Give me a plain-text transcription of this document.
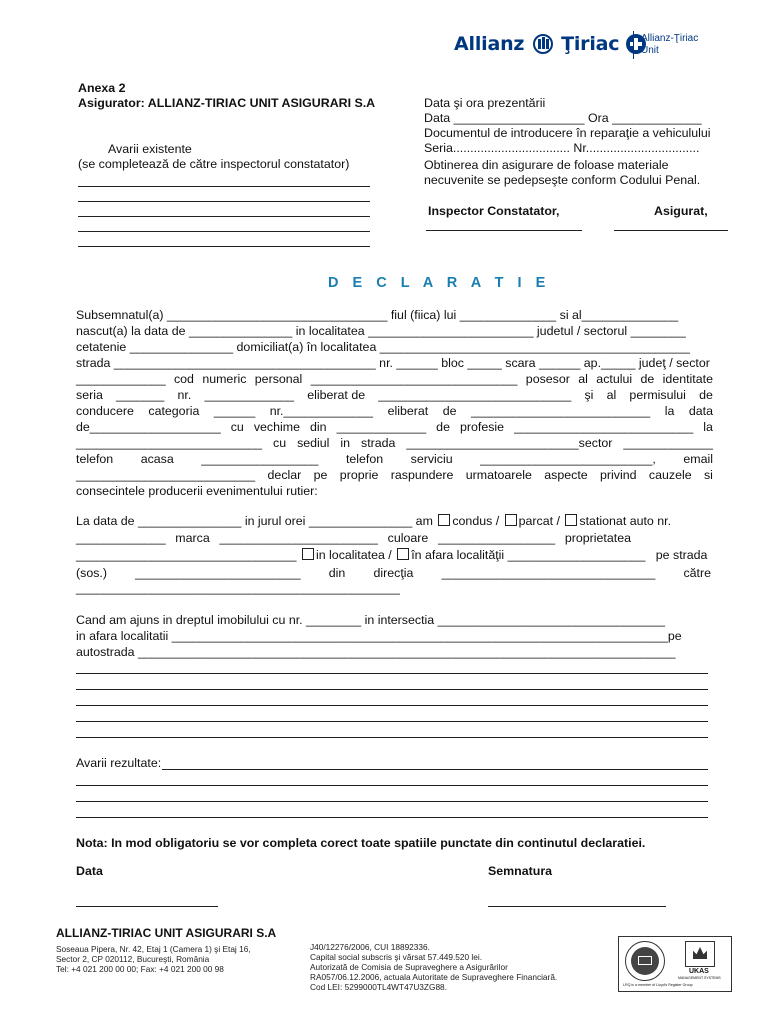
Allianz Ţiriac	Allianz-Ţiriac
Unit
Anexa 2
Asigurator: ALLIANZ-TIRIAC UNIT ASIGURARI S.A
Avarii existente
(se completează de către inspectorul constatator)
Data şi ora prezentării
Data ___________________ Ora _____________
Documentul de introducere în reparaţie a vehiculului
Seria.................................. Nr.................................
Obtinerea din asigurare de foloase materiale
necuvenite se pedepseşte conform Codului Penal.
Inspector Constatator,	Asigurat,
D E C L A R A T I E
Subsemnatul(a) ________________________________ fiul (fiica) lui ______________ si al______________
nascut(a) la data de _______________ in localitatea ________________________ judetul / sectorul ________
cetatenie _______________ domiciliat(a) în localitatea _____________________________________________
strada ______________________________________ nr. ______ bloc _____ scara ______ ap._____ judeţ / sector
_____________ cod numeric personal ______________________________ posesor al actului de identitate
seria _______ nr. _____________ eliberat de ____________________________ şi al permisului de
conducere categoria ______ nr._____________ eliberat de __________________________ la data
de___________________ cu vechime din _____________ de profesie __________________________ la
___________________________ cu sediul in strada _________________________sector _____________
telefon acasa _________________ telefon serviciu _________________________, email
__________________________ declar pe proprie raspundere urmatoarele aspecte privind cauzele si
consecintele producerii evenimentului rutier:
La data de _______________ in jurul orei _______________ am condus / parcat / stationat auto nr.
_____________ marca _______________________ culoare _________________ proprietatea
________________________________ in localitatea / în afara localităţii ____________________ pe strada
(sos.) ________________________ din direcţia _______________________________ către
_______________________________________________
Cand am ajuns in dreptul imobilului cu nr. ________ in intersectia _________________________________
in afara localitatii ________________________________________________________________________pe
autostrada ______________________________________________________________________________
Avarii rezultate:
Nota: In mod obligatoriu se vor completa corect toate spatiile punctate din continutul declaratiei.
Data	Semnatura
ALLIANZ-TIRIAC UNIT ASIGURARI S.A
Soseaua Pipera, Nr. 42, Etaj 1 (Camera 1) şi Etaj 16,
Sector 2, CP 020112, Bucureşti, România
Tel: +4 021 200 00 00; Fax: +4 021 200 00 98
J40/12276/2006, CUI 18892336.
Capital social subscris şi vărsat 57.449.520 lei.
Autorizată de Comisia de Supraveghere a Asigurărilor
RA057/06.12.2006, actuala Autoritate de Supraveghere Financiară.
Cod LEI: 5299000TL4WT47U3ZG88.
UKAS
MANAGEMENT SYSTEMS
LRQ is a member of Lloyd's Register Group
